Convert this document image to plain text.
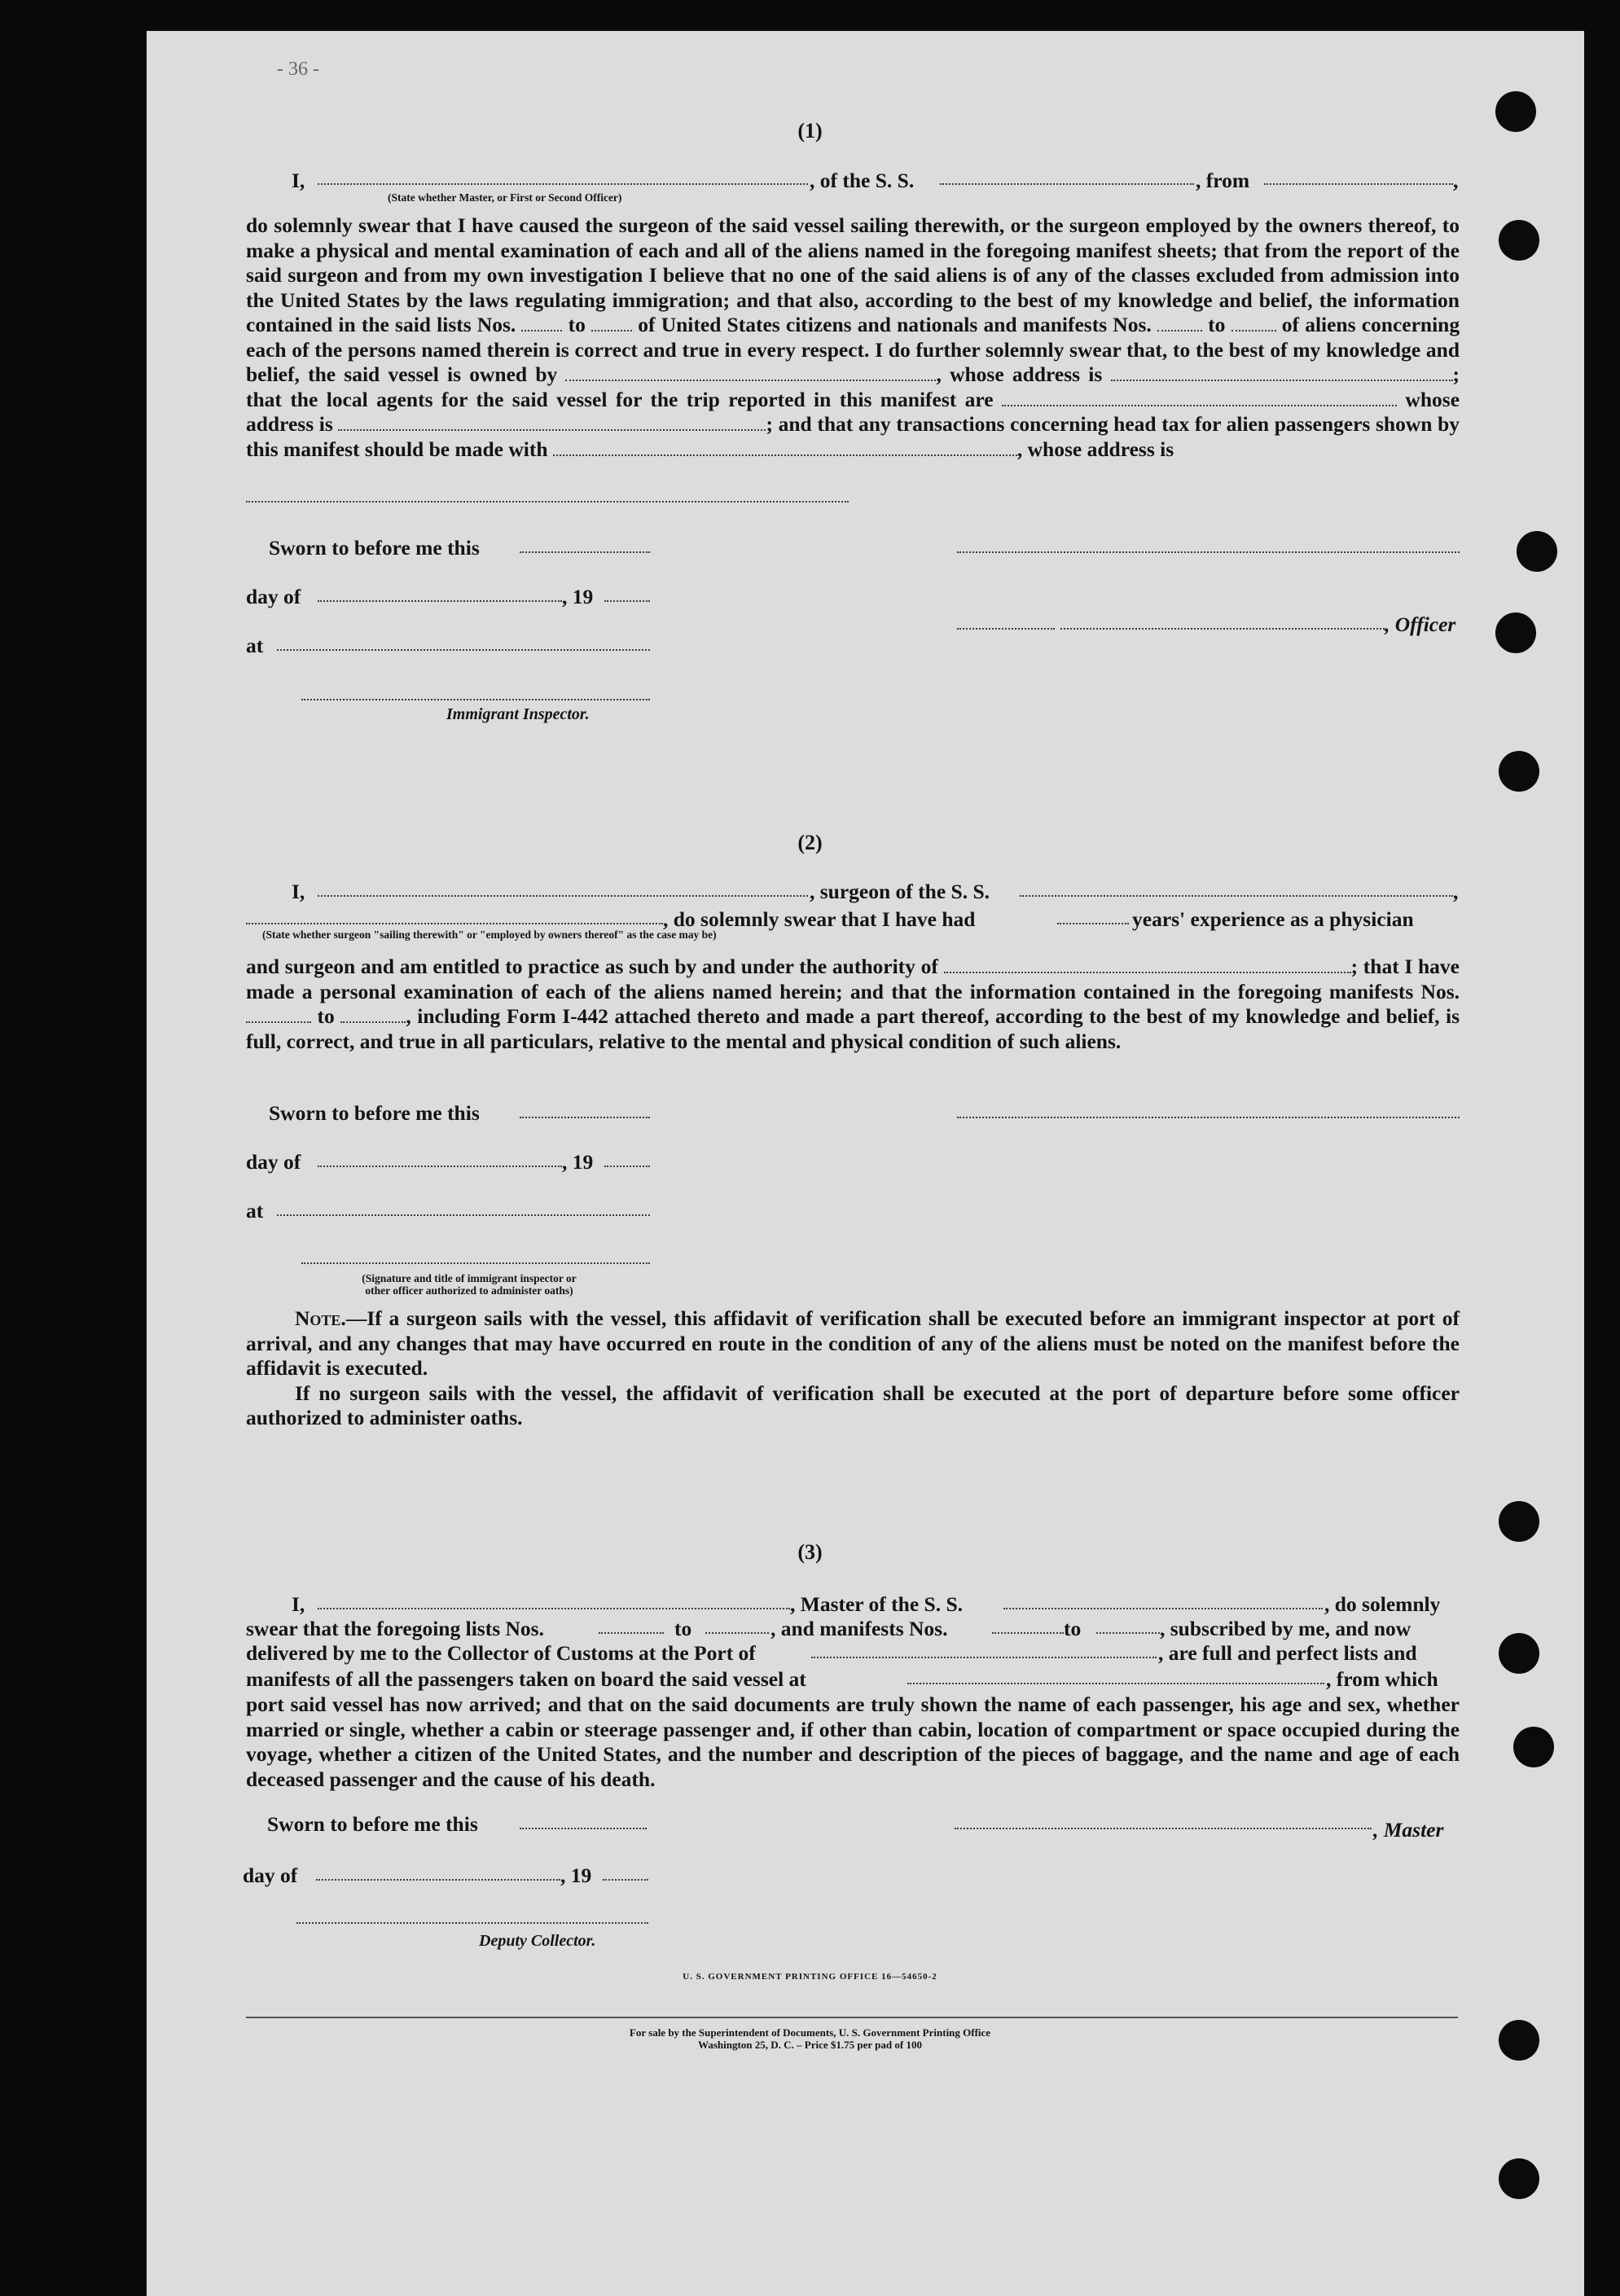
- 36 -
(1)
I,	, of the S. S.	, from	,
(State whether Master, or First or Second Officer)

do solemnly swear that I have caused the surgeon of the said vessel sailing therewith, or the surgeon employed by the owners thereof, to make a physical and mental examination of each and all of the aliens named in the foregoing manifest sheets; that from the report of the said surgeon and from my own investigation I believe that no one of the said aliens is of any of the classes excluded from admission into the United States by the laws regulating immigration; and that also, according to the best of my knowledge and belief, the information contained in the said lists Nos.	to	of United States citizens and nationals and manifests Nos.	to	of aliens concerning each of the persons named therein is correct and true in every respect. I do further solemnly swear that, to the best of my knowledge and belief, the said vessel is owned by	, whose address is	; that the local agents for the said vessel for the trip reported in this manifest are	whose address is	; and that any transactions concerning head tax for alien passengers shown by this manifest should be made with	, whose address is

Sworn to before me this
day of	, 19
, Officer
at
Immigrant Inspector.
(2)
I,	, surgeon of the S. S.	,
, do solemnly swear that I have had	years' experience as a physician
(State whether surgeon "sailing therewith" or "employed by owners thereof" as the case may be)

and surgeon and am entitled to practice as such by and under the authority of	; that I have made a personal examination of each of the aliens named herein; and that the information contained in the foregoing manifests Nos.  to	, including Form I-442 attached thereto and made a part thereof, according to the best of my knowledge and belief, is full, correct, and true in all particulars, relative to the mental and physical condition of such aliens.

Sworn to before me this
day of	, 19
at
(Signature and title of immigrant inspector or
other officer authorized to administer oaths)

Note.—If a surgeon sails with the vessel, this affidavit of verification shall be executed before an immigrant inspector at port of arrival, and any changes that may have occurred en route in the condition of any of the aliens must be noted on the manifest before the affidavit is executed.

If no surgeon sails with the vessel, the affidavit of verification shall be executed at the port of departure before some officer authorized to administer oaths.

(3)
I,	, Master of the S. S.	, do solemnly
swear that the foregoing lists Nos.	to	, and manifests Nos.	to	, subscribed by me, and now
delivered by me to the Collector of Customs at the Port of	, are full and perfect lists and
manifests of all the passengers taken on board the said vessel at	, from which

port said vessel has now arrived; and that on the said documents are truly shown the name of each passenger, his age and sex, whether married or single, whether a cabin or steerage passenger and, if other than cabin, location of compartment or space occupied during the voyage, whether a citizen of the United States, and the number and description of the pieces of baggage, and the name and age of each deceased passenger and the cause of his death.

Sworn to before me this	, Master
day of	, 19
Deputy Collector.
U. S. GOVERNMENT PRINTING OFFICE 16—54650-2
For sale by the Superintendent of Documents, U. S. Government Printing Office
Washington 25, D. C. – Price $1.75 per pad of 100
